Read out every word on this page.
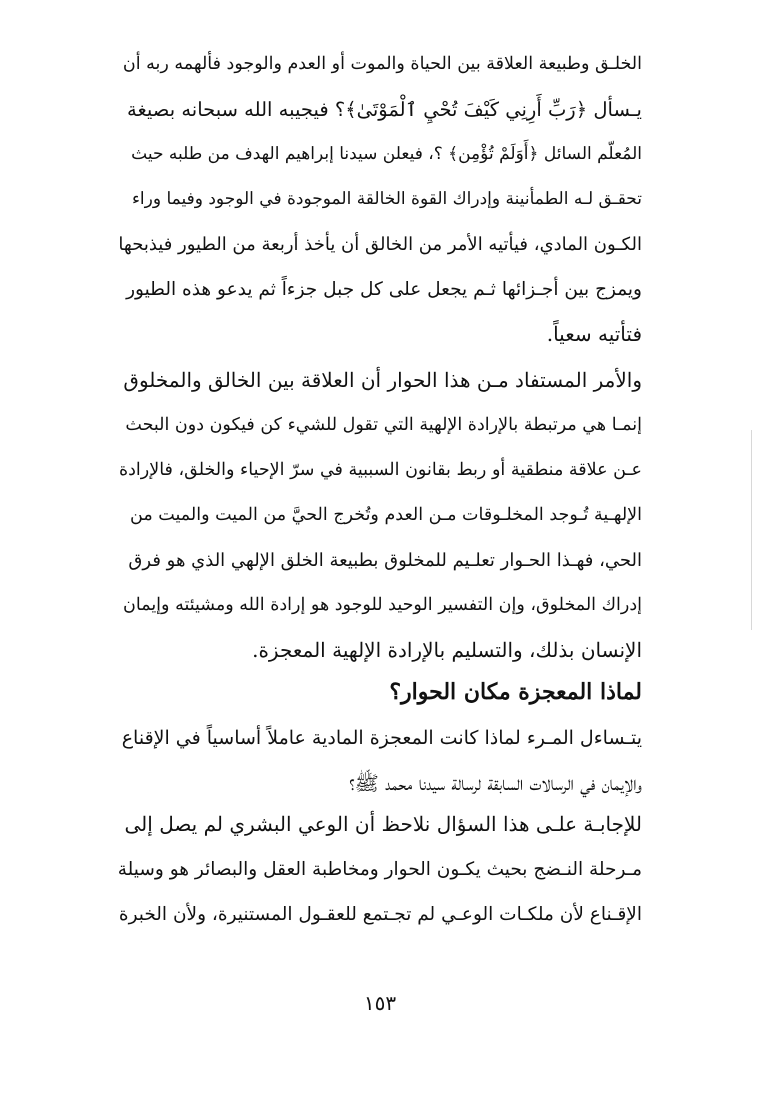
الخلـق وطبيعة العلاقة بين الحياة والموت أو العدم والوجود فألهمه ربه أن
يـسأل ﴿رَبِّ أَرِنِي كَيْفَ تُحْيِ ٱلْمَوْتَىٰ﴾؟ فيجيبه الله سبحانه بصيغة
المُعلّم السائل ﴿أَوَلَمْ تُؤْمِن﴾ ؟، فيعلن سيدنا إبراهيم الهدف من طلبه حيث
تحقـق لـه الطمأنينة وإدراك القوة الخالقة الموجودة في الوجود وفيما وراء
الكـون المادي، فيأتيه الأمر من الخالق أن يأخذ أربعة من الطيور فيذبحها
ويمزج بين أجـزائها ثـم يجعل على كل جبل جزءاً ثم يدعو هذه الطيور
فتأتيه سعياً.
والأمر المستفاد مـن هذا الحوار أن العلاقة بين الخالق والمخلوق
إنمـا هي مرتبطة بالإرادة الإلهية التي تقول للشيء كن فيكون دون البحث
عـن علاقة منطقية أو ربط بقانون السببية في سرّ الإحياء والخلق، فالإرادة
الإلهـية تُـوجد المخلـوقات مـن العدم وتُخرج الحيَّ من الميت والميت من
الحي، فهـذا الحـوار تعلـيم للمخلوق بطبيعة الخلق الإلهي الذي هو فرق
إدراك المخلوق، وإن التفسير الوحيد للوجود هو إرادة الله ومشيئته وإيمان
الإنسان بذلك، والتسليم بالإرادة الإلهية المعجزة.
لماذا المعجزة مكان الحوار؟
يتـساءل المـرء لماذا كانت المعجزة المادية عاملاً أساسياً في الإقناع
والإيمان في الرسالات السابقة لرسالة سيدنا محمد ﷺ؟
للإجابـة علـى هذا السؤال نلاحظ أن الوعي البشري لم يصل إلى
مـرحلة النـضج بحيث يكـون الحوار ومخاطبة العقل والبصائر هو وسيلة
الإقـناع لأن ملكـات الوعـي لم تجـتمع للعقـول المستنيرة، ولأن الخبرة
١٥٣
